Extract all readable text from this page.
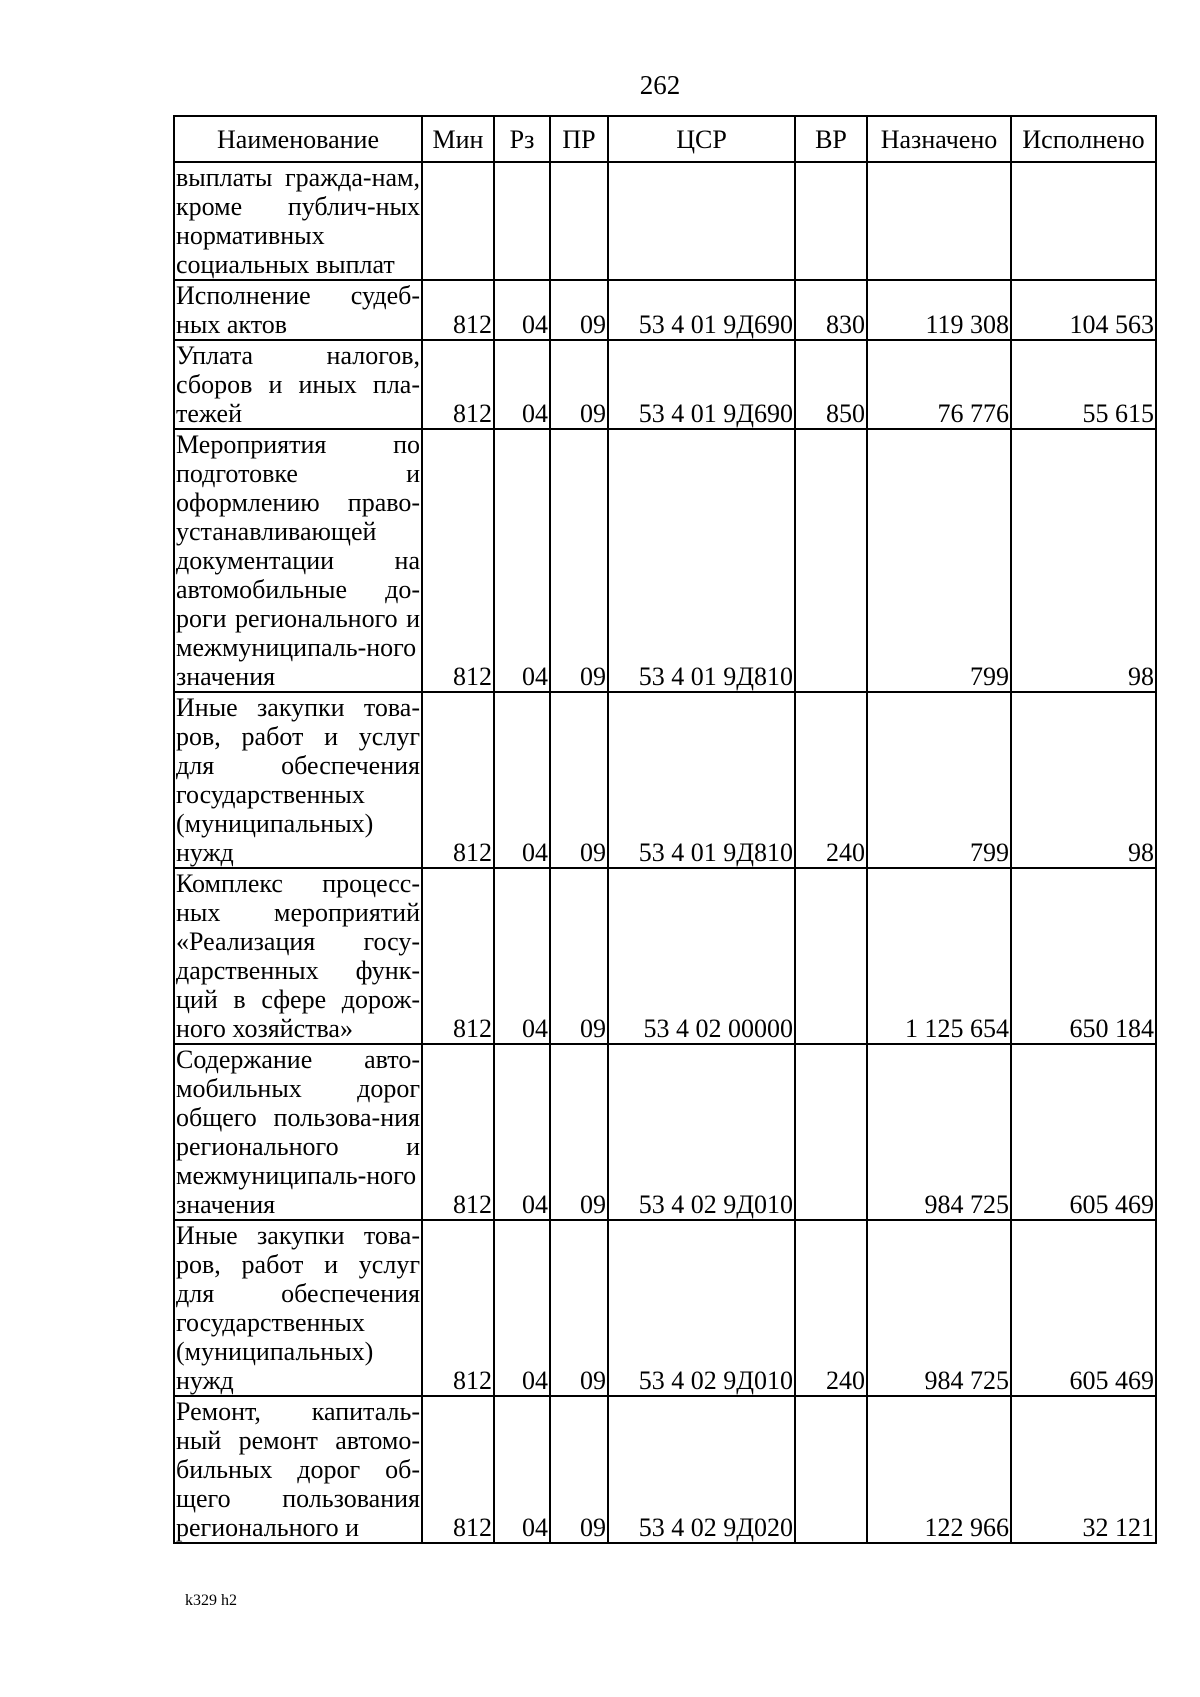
262
Наименование	Мин	Рз	ПР	ЦСР	ВР	Назначено	Исполнено
выплаты граждa-нам, кроме публич-ных нормативных социальных выплат							
Исполнение судеб-ных актов	812	04	09	53 4 01 9Д690	830	119 308	104 563
Уплата налогов, сборов и иных пла-тежей	812	04	09	53 4 01 9Д690	850	76 776	55 615
Мероприятия по подготовке и оформлению право-устанавливающей документации на автомобильные до-роги регионального и межмуниципаль-ного значения	812	04	09	53 4 01 9Д810		799	98
Иные закупки това-ров, работ и услуг для обеспечения государственных (муниципальных) нужд	812	04	09	53 4 01 9Д810	240	799	98
Комплекс процесс-ных мероприятий «Реализация госу-дарственных функ-ций в сфере дорож-ного хозяйства»	812	04	09	53 4 02 00000		1 125 654	650 184
Содержание авто-мобильных дорог общего пользова-ния регионального и межмуниципаль-ного значения	812	04	09	53 4 02 9Д010		984 725	605 469
Иные закупки това-ров, работ и услуг для обеспечения государственных (муниципальных) нужд	812	04	09	53 4 02 9Д010	240	984 725	605 469
Ремонт, капиталь-ный ремонт автомо-бильных дорог об-щего пользования регионального и	812	04	09	53 4 02 9Д020		122 966	32 121
k329 h2
